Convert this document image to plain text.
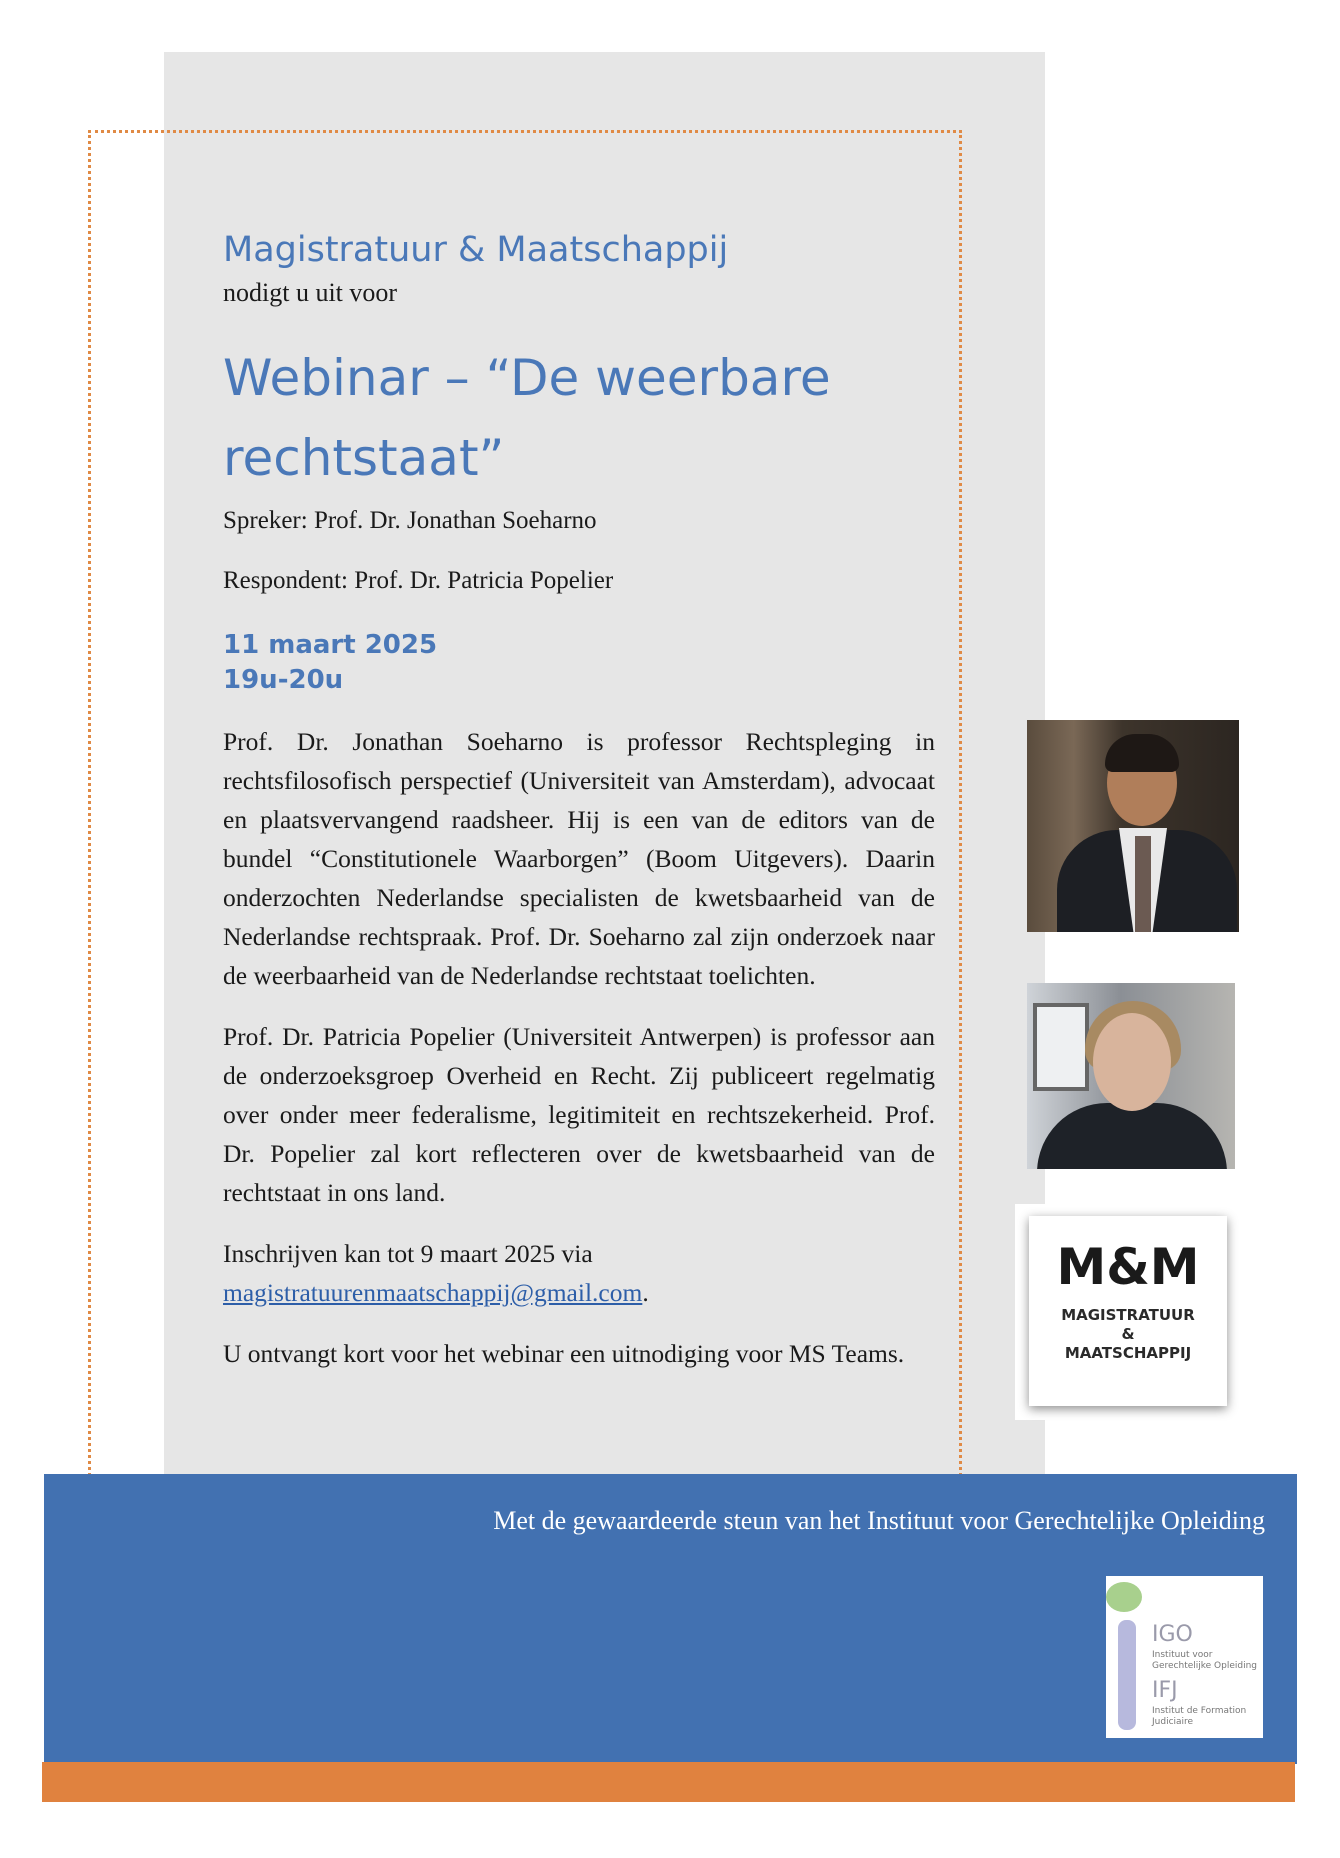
Magistratuur & Maatschappij

nodigt u uit voor

Webinar – “De weerbare
rechtstaat”

Spreker: Prof. Dr. Jonathan Soeharno

Respondent: Prof. Dr. Patricia Popelier

11 maart 2025
19u-20u

Prof. Dr. Jonathan Soeharno is professor Rechtspleging in rechtsfilosofisch perspectief (Universiteit van Amsterdam), advocaat en plaatsvervangend raadsheer. Hij is een van de editors van de bundel “Constitutionele Waarborgen” (Boom Uitgevers). Daarin onderzochten Nederlandse specialisten de kwetsbaarheid van de Nederlandse rechtspraak. Prof. Dr. Soeharno zal zijn onderzoek naar de weerbaarheid van de Nederlandse rechtstaat toelichten.

Prof. Dr. Patricia Popelier (Universiteit Antwerpen) is professor aan de onderzoeksgroep Overheid en Recht. Zij publiceert regelmatig over onder meer federalisme, legitimiteit en rechtszekerheid. Prof. Dr. Popelier zal kort reflecteren over de kwetsbaarheid van de rechtstaat in ons land.

Inschrijven kan tot 9 maart 2025 via
magistratuurenmaatschappij@gmail.com.

U ontvangt kort voor het webinar een uitnodiging voor MS Teams.

M&M
MAGISTRATUUR
&
MAATSCHAPPIJ

Met de gewaardeerde steun van het Instituut voor Gerechtelijke Opleiding

IGO
Instituut voor Gerechtelijke Opleiding
IFJ
Institut de Formation Judiciaire
